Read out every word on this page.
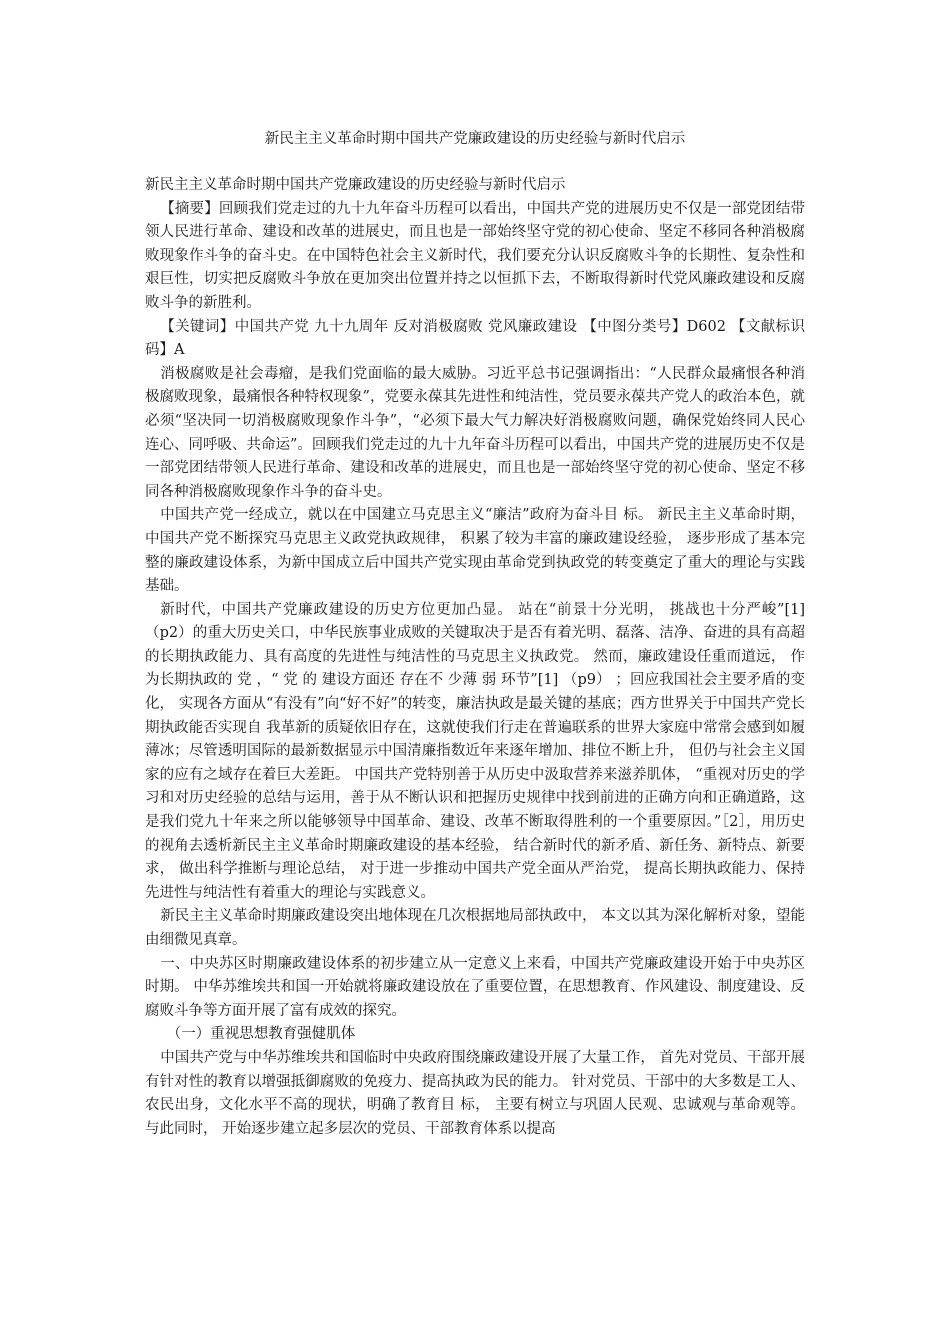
新民主主义革命时期中国共产党廉政建设的历史经验与新时代启示

新民主主义革命时期中国共产党廉政建设的历史经验与新时代启示

【摘要】回顾我们党走过的九十九年奋斗历程可以看出，中国共产党的进展历史不仅是一部党团结带领人民进行革命、建设和改革的进展史，而且也是一部始终坚守党的初心使命、坚定不移同各种消极腐败现象作斗争的奋斗史。在中国特色社会主义新时代，我们要充分认识反腐败斗争的长期性、复杂性和艰巨性，切实把反腐败斗争放在更加突出位置并持之以恒抓下去，不断取得新时代党风廉政建设和反腐败斗争的新胜利。

【关键词】中国共产党 九十九周年 反对消极腐败 党风廉政建设 【中图分类号】D602 【文献标识码】A

消极腐败是社会毒瘤，是我们党面临的最大威胁。习近平总书记强调指出：“人民群众最痛恨各种消极腐败现象，最痛恨各种特权现象”，党要永葆其先进性和纯洁性，党员要永葆共产党人的政治本色，就必须“坚决同一切消极腐败现象作斗争”，“必须下最大气力解决好消极腐败问题，确保党始终同人民心连心、同呼吸、共命运”。回顾我们党走过的九十九年奋斗历程可以看出，中国共产党的进展历史不仅是一部党团结带领人民进行革命、建设和改革的进展史，而且也是一部始终坚守党的初心使命、坚定不移同各种消极腐败现象作斗争的奋斗史。

中国共产党一经成立，就以在中国建立马克思主义“廉洁”政府为奋斗目 标。 新民主主义革命时期， 中国共产党不断探究马克思主义政党执政规律， 积累了较为丰富的廉政建设经验， 逐步形成了基本完整的廉政建设体系，为新中国成立后中国共产党实现由革命党到执政党的转变奠定了重大的理论与实践基础。

新时代，中国共产党廉政建设的历史方位更加凸显。 站在“前景十分光明， 挑战也十分严峻”[1] （p2）的重大历史关口，中华民族事业成败的关键取决于是否有着光明、磊落、洁净、奋进的具有高超的长期执政能力、具有高度的先进性与纯洁性的马克思主义执政党。 然而，廉政建设任重而道远， 作为长期执政的 党 ，“ 党 的 建设方面还 存在不 少薄 弱 环节”[1] （p9） ；回应我国社会主要矛盾的变化， 实现各方面从“有没有”向“好不好”的转变，廉洁执政是最关键的基底；西方世界关于中国共产党长期执政能否实现自 我革新的质疑依旧存在，这就使我们行走在普遍联系的世界大家庭中常常会感到如履薄冰；尽管透明国际的最新数据显示中国清廉指数近年来逐年增加、排位不断上升， 但仍与社会主义国家的应有之域存在着巨大差距。 中国共产党特别善于从历史中汲取营养来滋养肌体， “重视对历史的学习和对历史经验的总结与运用，善于从不断认识和把握历史规律中找到前进的正确方向和正确道路，这是我们党九十年来之所以能够领导中国革命、建设、改革不断取得胜利的一个重要原因。”［2］，用历史的视角去透析新民主主义革命时期廉政建设的基本经验， 结合新时代的新矛盾、新任务、新特点、新要求， 做出科学推断与理论总结， 对于进一步推动中国共产党全面从严治党， 提高长期执政能力、保持先进性与纯洁性有着重大的理论与实践意义。

新民主主义革命时期廉政建设突出地体现在几次根据地局部执政中， 本文以其为深化解析对象，望能由细微见真章。

一、中央苏区时期廉政建设体系的初步建立从一定意义上来看，中国共产党廉政建设开始于中央苏区时期。 中华苏维埃共和国一开始就将廉政建设放在了重要位置，在思想教育、作风建设、制度建设、反腐败斗争等方面开展了富有成效的探究。

（一）重视思想教育强健肌体

中国共产党与中华苏维埃共和国临时中央政府围绕廉政建设开展了大量工作， 首先对党员、干部开展有针对性的教育以增强抵御腐败的免疫力、提高执政为民的能力。 针对党员、干部中的大多数是工人、农民出身，文化水平不高的现状，明确了教育目 标， 主要有树立与巩固人民观、忠诚观与革命观等。 与此同时， 开始逐步建立起多层次的党员、干部教育体系以提高
